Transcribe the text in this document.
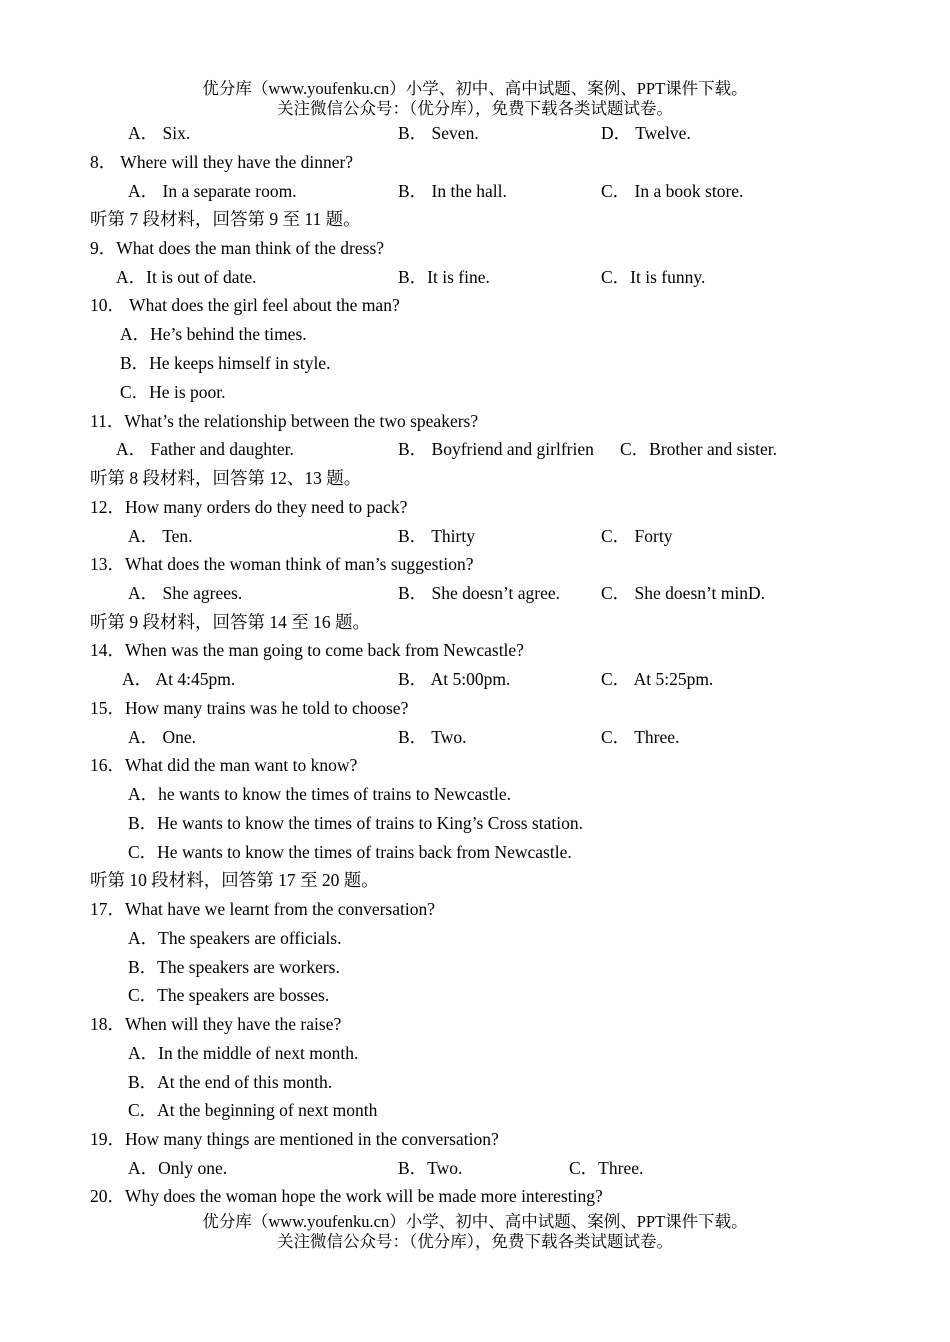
优分库（www.youfenku.cn）小学、初中、高中试题、案例、PPT课件下载。
关注微信公众号：（优分库），免费下载各类试题试卷。
A． Six.	B． Seven.	D． Twelve.
8． Where will they have the dinner?
A． In a separate room.	B． In the hall.	C． In a book store.
听第 7 段材料，回答第 9 至 11 题。
9．What does the man think of the dress?
A．It is out of date.	B．It is fine.	C．It is funny.
10． What does the girl feel about the man?
A．He’s behind the times.
B．He keeps himself in style.
C．He is poor.
11．What’s the relationship between the two speakers?
A． Father and daughter.	B． Boyfriend and girlfrien C．Brother and sister.
听第 8 段材料，回答第 12、13 题。
12．How many orders do they need to pack?
A． Ten.	B． Thirty	C． Forty
13．What does the woman think of man’s suggestion?
A． She agrees.	B． She doesn’t agree. C． She doesn’t minD.
听第 9 段材料，回答第 14 至 16 题。
14．When was the man going to come back from Newcastle?
A． At 4:45pm.	B． At 5:00pm.	C． At 5:25pm.
15．How many trains was he told to choose?
A． One.	B． Two.	C． Three.
16．What did the man want to know?
A．he wants to know the times of trains to Newcastle.
B．He wants to know the times of trains to King’s Cross station.
C．He wants to know the times of trains back from Newcastle.
听第 10 段材料，回答第 17 至 20 题。
17．What have we learnt from the conversation?
A．The speakers are officials.
B．The speakers are workers.
C．The speakers are bosses.
18．When will they have the raise?
A．In the middle of next month.
B．At the end of this month.
C．At the beginning of next month
19．How many things are mentioned in the conversation?
A．Only one.	B．Two.	C．Three.
20．Why does the woman hope the work will be made more interesting?
优分库（www.youfenku.cn）小学、初中、高中试题、案例、PPT课件下载。
关注微信公众号：（优分库），免费下载各类试题试卷。
